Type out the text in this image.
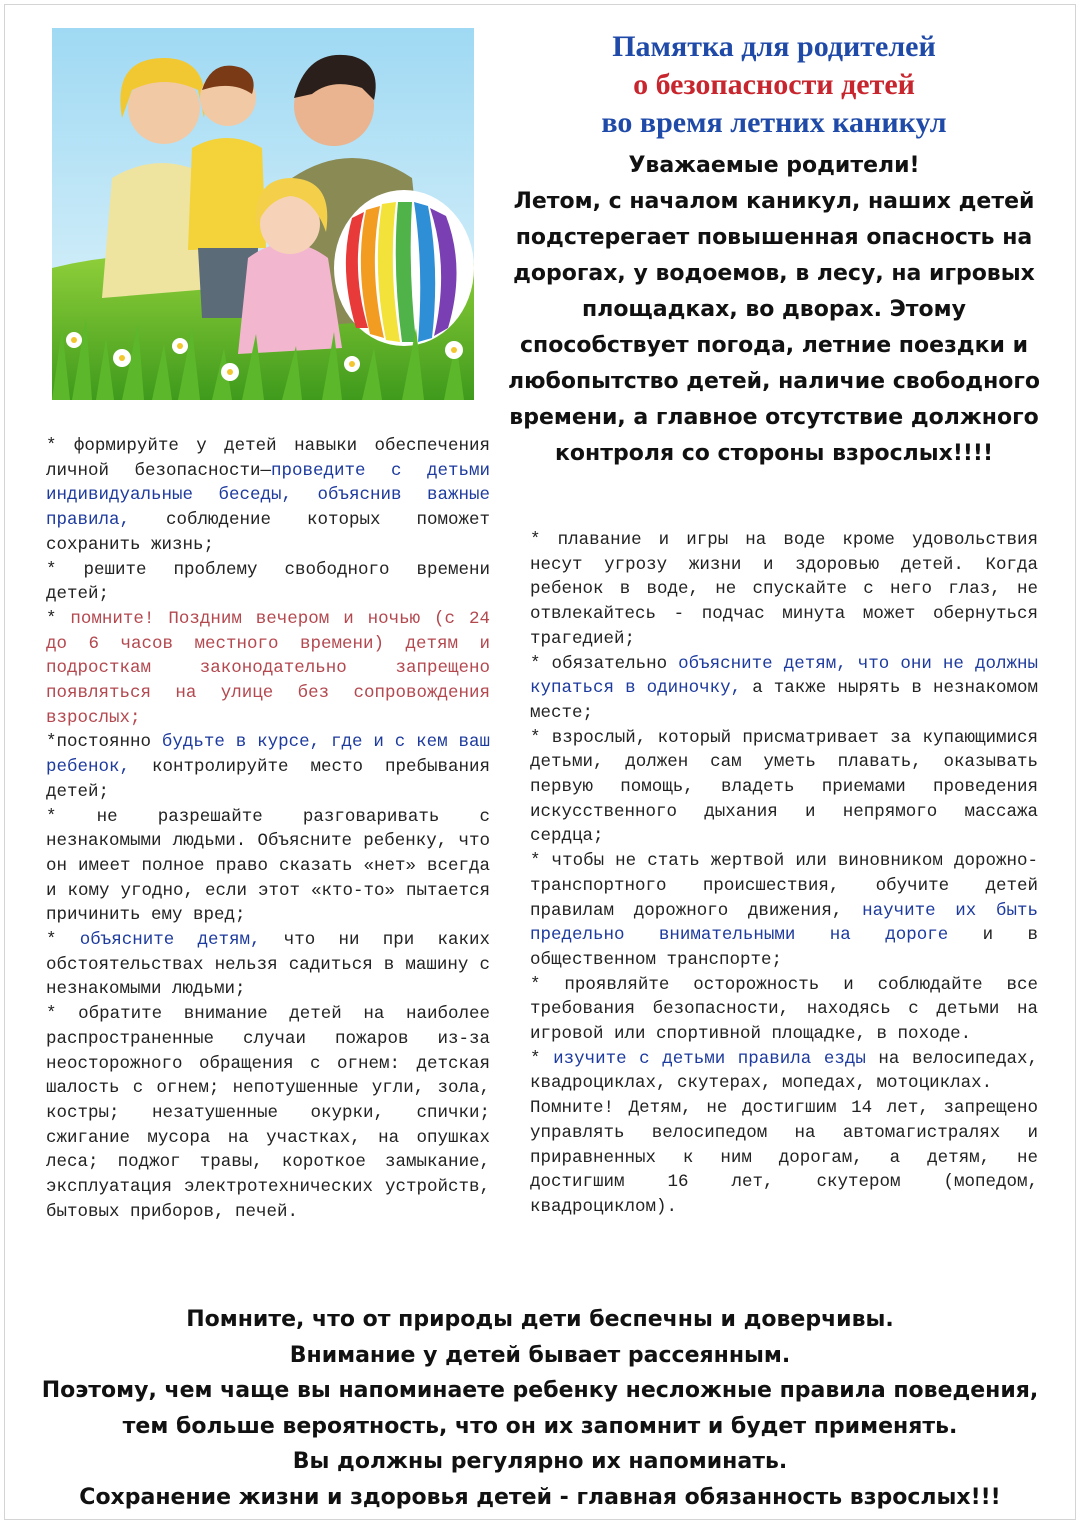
Памятка для родителей
о безопасности детей
во время летних каникул
Уважаемые родители!
Летом, с началом каникул, наших детей подстерегает повышенная опасность на дорогах, у водоемов, в лесу, на игровых площадках, во дворах. Этому способствует погода, летние поездки и любопытство детей, наличие свободного времени, а главное отсутствие должного контроля со стороны взрослых!!!!

* формируйте у детей навыки обеспечения личной безопасности—проведите с детьми индивидуальные беседы, объяснив важные правила, соблюдение которых поможет сохранить жизнь;

* решите проблему свободного времени детей;

* помните! Поздним вечером и ночью (с 24 до 6 часов местного времени) детям и подросткам законодательно запрещено появляться на улице без сопровождения взрослых;

*постоянно будьте в курсе, где и с кем ваш ребенок, контролируйте место пребывания детей;

* не разрешайте разговаривать с незнакомыми людьми. Объясните ребенку, что он имеет полное право сказать «нет» всегда и кому угодно, если этот «кто-то» пытается причинить ему вред;

* объясните детям, что ни при каких обстоятельствах нельзя садиться в машину с незнакомыми людьми;

* обратите внимание детей на наиболее распространенные случаи пожаров из-за неосторожного обращения с огнем: детская шалость с огнем; непотушенные угли, зола, костры; незатушенные окурки, спички; сжигание мусора на участках, на опушках леса; поджог травы, короткое замыкание, эксплуатация электротехнических устройств, бытовых приборов, печей.

* плавание и игры на воде кроме удовольствия несут угрозу жизни и здоровью детей. Когда ребенок в воде, не спускайте с него глаз, не отвлекайтесь - подчас минута может обернуться трагедией;

* обязательно объясните детям, что они не должны купаться в одиночку, а также нырять в незнакомом месте;

* взрослый, который присматривает за купающимися детьми, должен сам уметь плавать, оказывать первую помощь, владеть приемами проведения искусственного дыхания и непрямого массажа сердца;

* чтобы не стать жертвой или виновником дорожно-транспортного происшествия, обучите детей правилам дорожного движения, научите их быть предельно внимательными на дороге и в общественном транспорте;

* проявляйте осторожность и соблюдайте все требования безопасности, находясь с детьми на игровой или спортивной площадке, в походе.

* изучите с детьми правила езды на велосипедах, квадроциклах, скутерах, мопедах, мотоциклах.

Помните! Детям, не достигшим 14 лет, запрещено управлять велосипедом на автомагистралях и приравненных к ним дорогам, а детям, не достигшим 16 лет, скутером (мопедом, квадроциклом).

Помните, что от природы дети беспечны и доверчивы.
Внимание у детей бывает рассеянным.
Поэтому, чем чаще вы напоминаете ребенку несложные правила поведения,
тем больше вероятность, что он их запомнит и будет применять.
Вы должны регулярно их напоминать.
Сохранение жизни и здоровья детей - главная обязанность взрослых!!!
